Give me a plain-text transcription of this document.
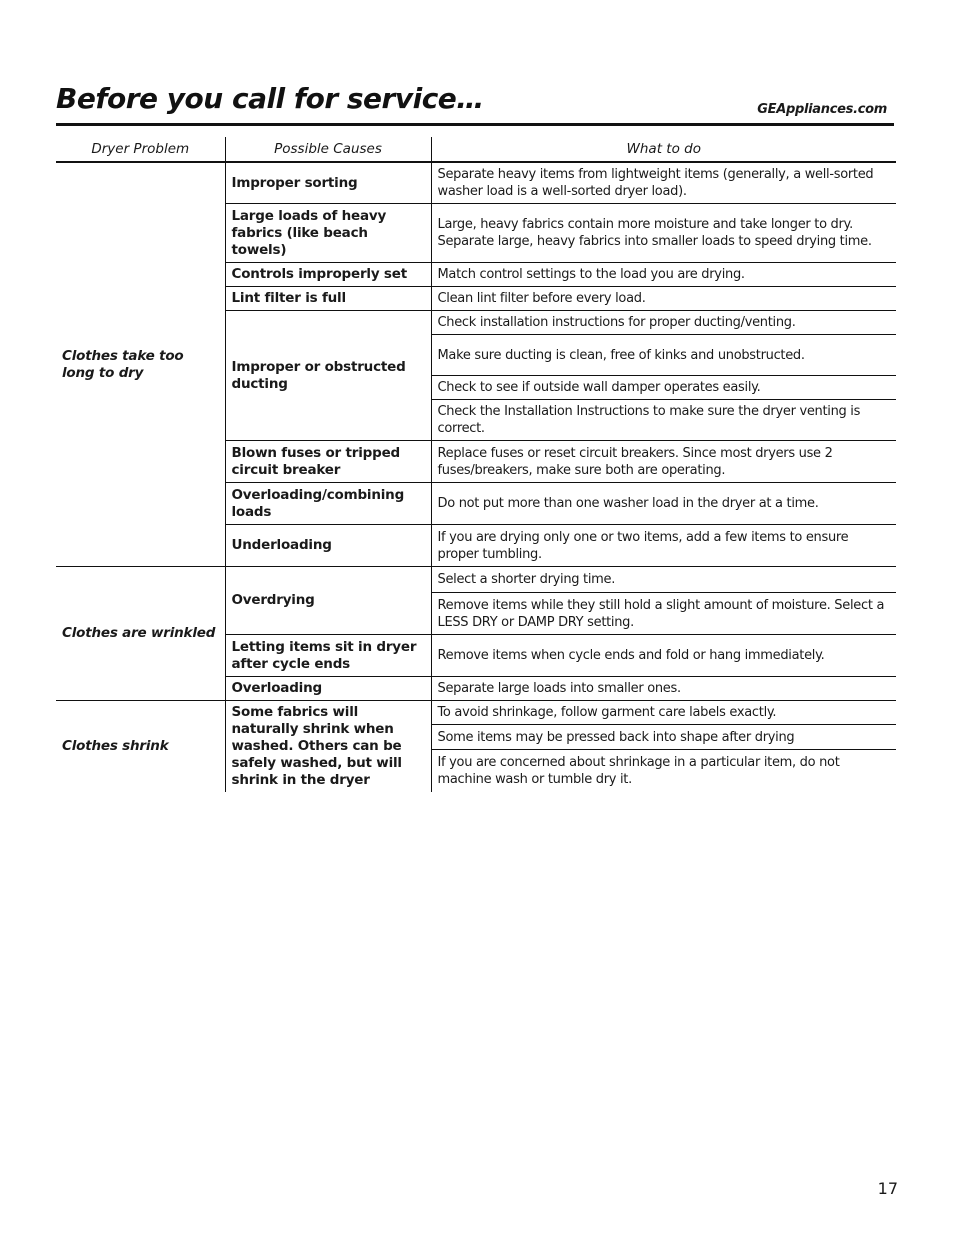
Before you call for service…	GEAppliances.com
Dryer Problem	Possible Causes	What to do
Clothes take too long to dry	Improper sorting	Separate heavy items from lightweight items (generally, a well-sorted washer load is a well-sorted dryer load).
	Large loads of heavy fabrics (like beach towels)	Large, heavy fabrics contain more moisture and take longer to dry. Separate large, heavy fabrics into smaller loads to speed drying time.
	Controls improperly set	Match control settings to the load you are drying.
	Lint filter is full	Clean lint filter before every load.
	Improper or obstructed ducting	Check installation instructions for proper ducting/venting.
		Make sure ducting is clean, free of kinks and unobstructed.
		Check to see if outside wall damper operates easily.
		Check the Installation Instructions to make sure the dryer venting is correct.
	Blown fuses or tripped circuit breaker	Replace fuses or reset circuit breakers. Since most dryers use 2 fuses/breakers, make sure both are operating.
	Overloading/combining loads	Do not put more than one washer load in the dryer at a time.
	Underloading	If you are drying only one or two items, add a few items to ensure proper tumbling.
Clothes are wrinkled	Overdrying	Select a shorter drying time.
		Remove items while they still hold a slight amount of moisture. Select a LESS DRY or DAMP DRY setting.
	Letting items sit in dryer after cycle ends	Remove items when cycle ends and fold or hang immediately.
	Overloading	Separate large loads into smaller ones.
Clothes shrink	Some fabrics will naturally shrink when washed. Others can be safely washed, but will shrink in the dryer	To avoid shrinkage, follow garment care labels exactly.
		Some items may be pressed back into shape after drying
		If you are concerned about shrinkage in a particular item, do not machine wash or tumble dry it.
17
